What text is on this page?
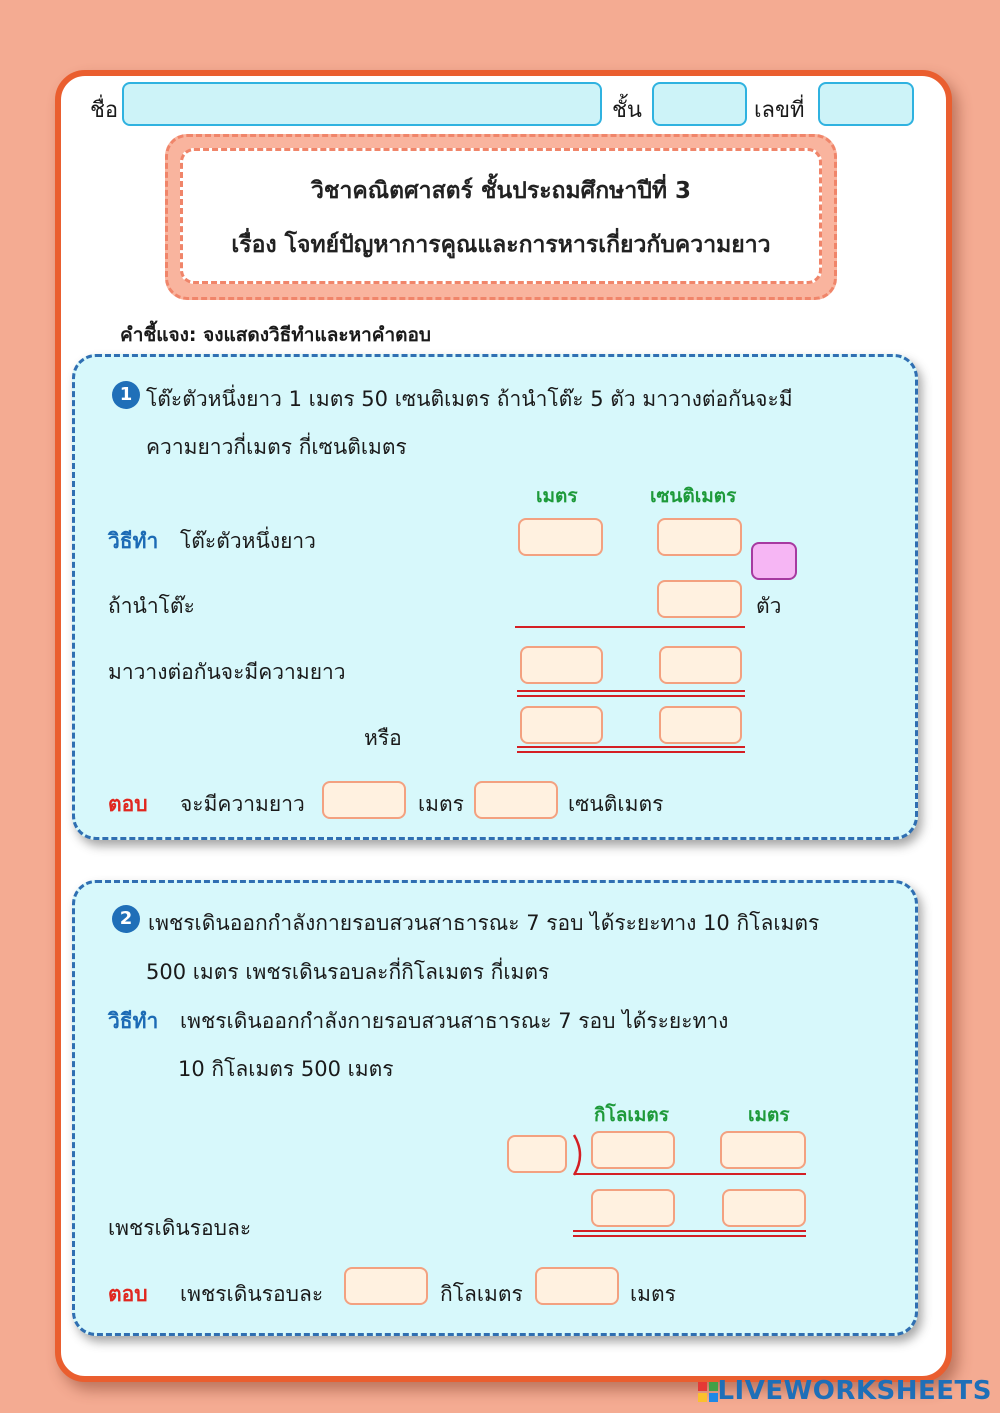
ชื่อ	ชั้น	เลขที่
วิชาคณิตศาสตร์ ชั้นประถมศึกษาปีที่ 3
เรื่อง โจทย์ปัญหาการคูณและการหารเกี่ยวกับความยาว
คำชี้แจง: จงแสดงวิธีทำและหาคำตอบ
1 โต๊ะตัวหนึ่งยาว 1 เมตร 50 เซนติเมตร ถ้านำโต๊ะ 5 ตัว มาวางต่อกันจะมี
ความยาวกี่เมตร กี่เซนติเมตร
เมตร	เซนติเมตร
วิธีทำ โต๊ะตัวหนึ่งยาว
ถ้านำโต๊ะ	ตัว
มาวางต่อกันจะมีความยาว
หรือ
ตอบ จะมีความยาว	เมตร	เซนติเมตร
2 เพชรเดินออกกำลังกายรอบสวนสาธารณะ 7 รอบ ได้ระยะทาง 10 กิโลเมตร
500 เมตร เพชรเดินรอบละกี่กิโลเมตร กี่เมตร
วิธีทำ เพชรเดินออกกำลังกายรอบสวนสาธารณะ 7 รอบ ได้ระยะทาง
10 กิโลเมตร 500 เมตร
กิโลเมตร	เมตร
เพชรเดินรอบละ
ตอบ เพชรเดินรอบละ	กิโลเมตร	เมตร
LIVEWORKSHEETS
